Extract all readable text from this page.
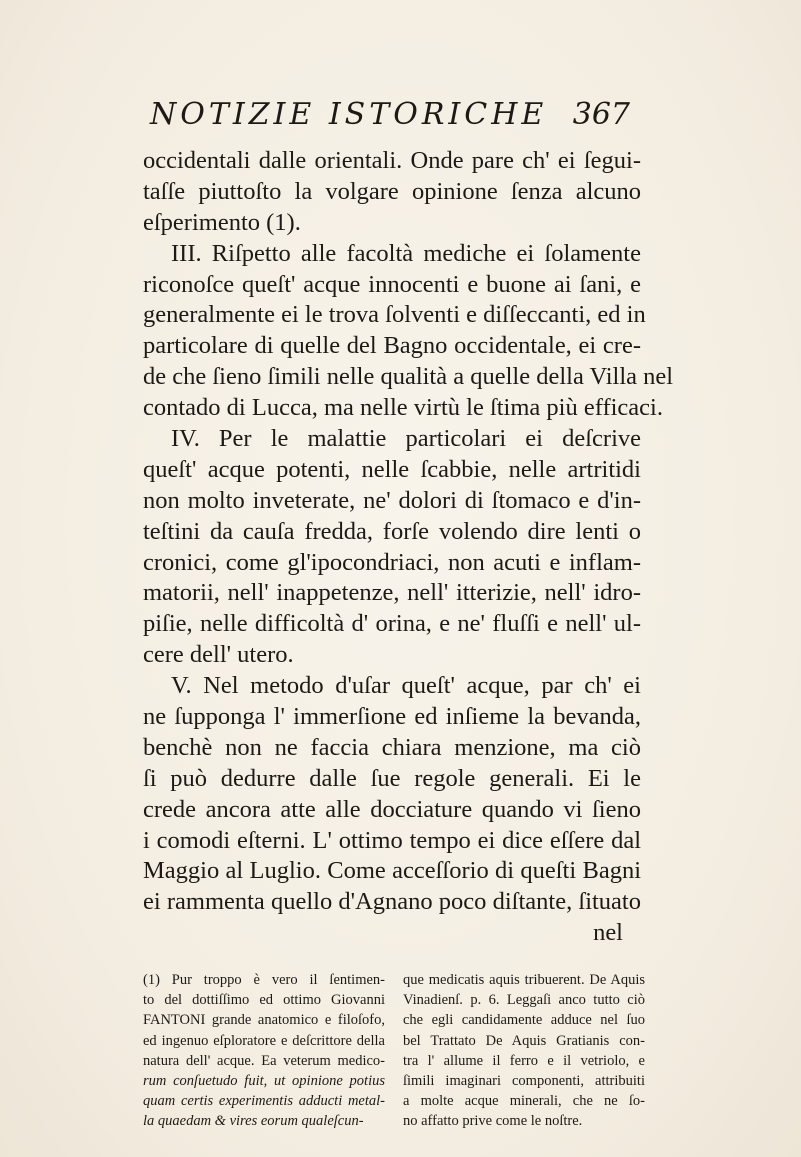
NOTIZIE ISTORICHE 367
occidentali dalle orientali. Onde pare ch' ei ſegui-
taſſe piuttoſto la volgare opinione ſenza alcuno
eſperimento (1).
III. Riſpetto alle facoltà mediche ei ſolamente
riconoſce queſt' acque innocenti e buone ai ſani, e
generalmente ei le trova ſolventi e diſſeccanti, ed in
particolare di quelle del Bagno occidentale, ei cre-
de che ſieno ſimili nelle qualità a quelle della Villa nel
contado di Lucca, ma nelle virtù le ſtima più efficaci.
IV. Per le malattie particolari ei deſcrive
queſt' acque potenti, nelle ſcabbie, nelle artritidi
non molto inveterate, ne' dolori di ſtomaco e d'in-
teſtini da cauſa fredda, forſe volendo dire lenti o
cronici, come gl'ipocondriaci, non acuti e inflam-
matorii, nell' inappetenze, nell' itterizie, nell' idro-
piſie, nelle difficoltà d' orina, e ne' fluſſi e nell' ul-
cere dell' utero.
V. Nel metodo d'uſar queſt' acque, par ch' ei
ne ſupponga l' immerſione ed inſieme la bevanda,
benchè non ne faccia chiara menzione, ma ciò
ſi può dedurre dalle ſue regole generali. Ei le
crede ancora atte alle docciature quando vi ſieno
i comodi eſterni. L' ottimo tempo ei dice eſſere dal
Maggio al Luglio. Come acceſſorio di queſti Bagni
ei rammenta quello d'Agnano poco diſtante, ſituato
nel
(1) Pur troppo è vero il ſentimen-
to del dottiſſimo ed ottimo Giovanni
FANTONI grande anatomico e filoſofo,
ed ingenuo eſploratore e deſcrittore della
natura dell' acque. Ea veterum medico-
rum conſuetudo fuit, ut opinione potius
quam certis experimentis adducti metal-
la quaedam & vires eorum qualeſcun-
que medicatis aquis tribuerent. De Aquis
Vinadienſ. p. 6. Leggaſi anco tutto ciò
che egli candidamente adduce nel ſuo
bel Trattato De Aquis Gratianis con-
tra l' allume il ferro e il vetriolo, e
ſimili imaginari componenti, attribuiti
a molte acque minerali, che ne ſo-
no affatto prive come le noſtre.
